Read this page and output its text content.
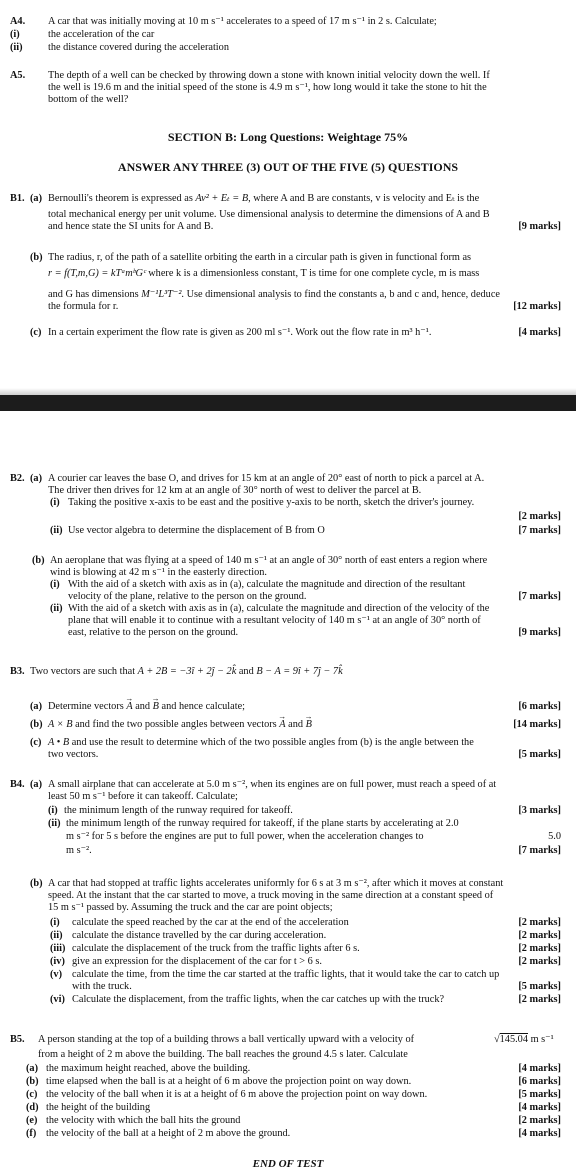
A4. A car that was initially moving at 10 m s⁻¹ accelerates to a speed of 17 m s⁻¹ in 2 s. Calculate;
(i)	the acceleration of the car
(ii) the distance covered during the acceleration
A5. The depth of a well can be checked by throwing down a stone with known initial velocity down the well. If
the well is 19.6 m and the initial speed of the stone is 4.9 m s⁻¹, how long would it take the stone to hit the
bottom of the well?
SECTION B: Long Questions: Weightage 75%
ANSWER ANY THREE (3) OUT OF THE FIVE (5) QUESTIONS
B1. (a) Bernoulli's theorem is expressed as Av² + Eₜ = B, where A and B are constants, v is velocity and Eₜ is the
total mechanical energy per unit volume. Use dimensional analysis to determine the dimensions of A and B
and hence state the SI units for A and B.	[9 marks]
(b) The radius, r, of the path of a satellite orbiting the earth in a circular path is given in functional form as
r = f(T,m,G) = kTᵃmᵇGᶜ where k is a dimensionless constant, T is time for one complete cycle, m is mass
and G has dimensions M⁻¹L³T⁻². Use dimensional analysis to find the constants a, b and c and, hence, deduce
the formula for r.	[12 marks]
(c) In a certain experiment the flow rate is given as 200 ml s⁻¹. Work out the flow rate in m³ h⁻¹.	[4 marks]
B2. (a) A courier car leaves the base O, and drives for 15 km at an angle of 20° east of north to pick a parcel at A.
The driver then drives for 12 km at an angle of 30° north of west to deliver the parcel at B.
(i) Taking the positive x-axis to be east and the positive y-axis to be north, sketch the driver's journey.
[2 marks]
(ii) Use vector algebra to determine the displacement of B from O	[7 marks]
(b) An aeroplane that was flying at a speed of 140 m s⁻¹ at an angle of 30° north of east enters a region where
wind is blowing at 42 m s⁻¹ in the easterly direction.
(i) With the aid of a sketch with axis as in (a), calculate the magnitude and direction of the resultant
velocity of the plane, relative to the person on the ground.	[7 marks]
(ii) With the aid of a sketch with axis as in (a), calculate the magnitude and direction of the velocity of the
plane that will enable it to continue with a resultant velocity of 140 m s⁻¹ at an angle of 30° north of
east, relative to the person on the ground.	[9 marks]
B3. Two vectors are such that A + 2B = −3î + 2ĵ − 2k̂ and B − A = 9î + 7ĵ − 7k̂
(a) Determine vectors → A and → B and hence calculate;	[6 marks]
(b) A × B and find the two possible angles between vectors → A and → B	[14 marks]
(c) A • B and use the result to determine which of the two possible angles from (b) is the angle between the
two vectors.	[5 marks]
B4. (a) A small airplane that can accelerate at 5.0 m s⁻², when its engines are on full power, must reach a speed of at
least 50 m s⁻¹ before it can takeoff. Calculate;
(i) the minimum length of the runway required for takeoff.	[3 marks]
(ii) the minimum length of the runway required for takeoff, if the plane starts by accelerating at 2.0
m s⁻² for 5 s before the engines are put to full power, when the acceleration changes to	5.0
m s⁻².	[7 marks]
(b) A car that had stopped at traffic lights accelerates uniformly for 6 s at 3 m s⁻², after which it moves at constant
speed. At the instant that the car started to move, a truck moving in the same direction at a constant speed of
15 m s⁻¹ passed by. Assuming the truck and the car are point objects;
(i) calculate the speed reached by the car at the end of the acceleration	[2 marks]
(ii) calculate the distance travelled by the car during acceleration.	[2 marks]
(iii) calculate the displacement of the truck from the traffic lights after 6 s.	[2 marks]
(iv) give an expression for the displacement of the car for t > 6 s.	[2 marks]
(v) calculate the time, from the time the car started at the traffic lights, that it would take the car to catch up
with the truck.	[5 marks]
(vi) Calculate the displacement, from the traffic lights, when the car catches up with the truck?	[2 marks]
B5. A person standing at the top of a building throws a ball vertically upward with a velocity of	√145.04 m s⁻¹
from a height of 2 m above the building. The ball reaches the ground 4.5 s later. Calculate
(a) the maximum height reached, above the building.	[4 marks]
(b) time elapsed when the ball is at a height of 6 m above the projection point on way down.	[6 marks]
(c) the velocity of the ball when it is at a height of 6 m above the projection point on way down.	[5 marks]
(d) the height of the building	[4 marks]
(e) the velocity with which the ball hits the ground	[2 marks]
(f) the velocity of the ball at a height of 2 m above the ground.	[4 marks]
END OF TEST
